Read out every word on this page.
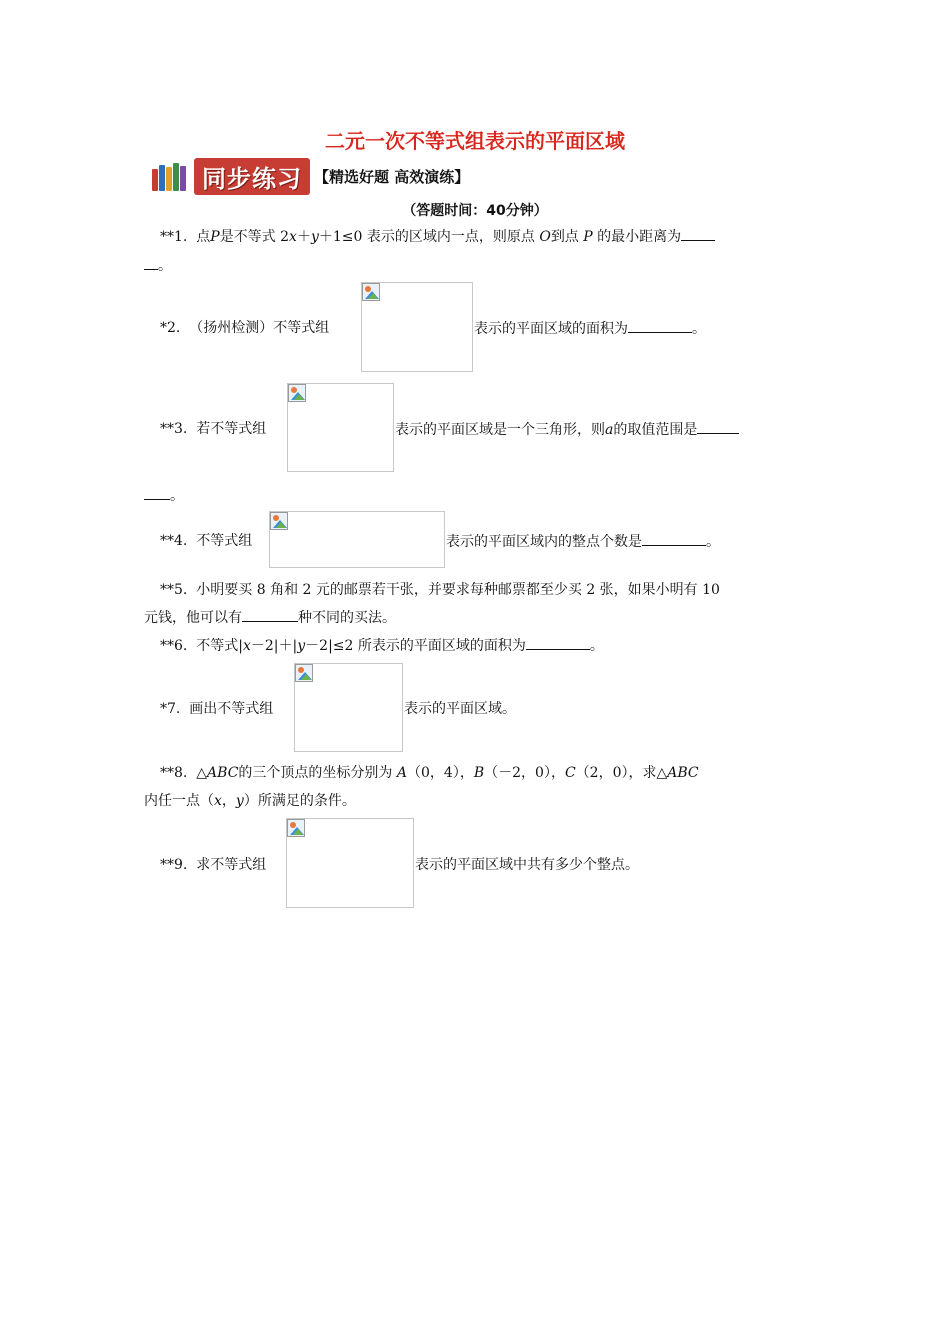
二元一次不等式组表示的平面区域
同步练习 【精选好题 高效演练】
（答题时间：40分钟）
**1. 点P是不等式 2x＋y＋1≤0 表示的区域内一点，则原点 O到点 P 的最小距离为
。
*2. （扬州检测）不等式组	表示的平面区域的面积为	。
**3. 若不等式组	表示的平面区域是一个三角形，则a的取值范围是
。
**4. 不等式组	表示的平面区域内的整点个数是	。
**5. 小明要买 8 角和 2 元的邮票若干张，并要求每种邮票都至少买 2 张，如果小明有 10
元钱，他可以有	种不同的买法。
**6. 不等式|x－2|＋|y－2|≤2 所表示的平面区域的面积为	。
*7. 画出不等式组	表示的平面区域。
**8. △ABC的三个顶点的坐标分别为 A（0，4），B（－2，0），C（2，0），求△ABC
内任一点（x，y）所满足的条件。
**9. 求不等式组	表示的平面区域中共有多少个整点。
